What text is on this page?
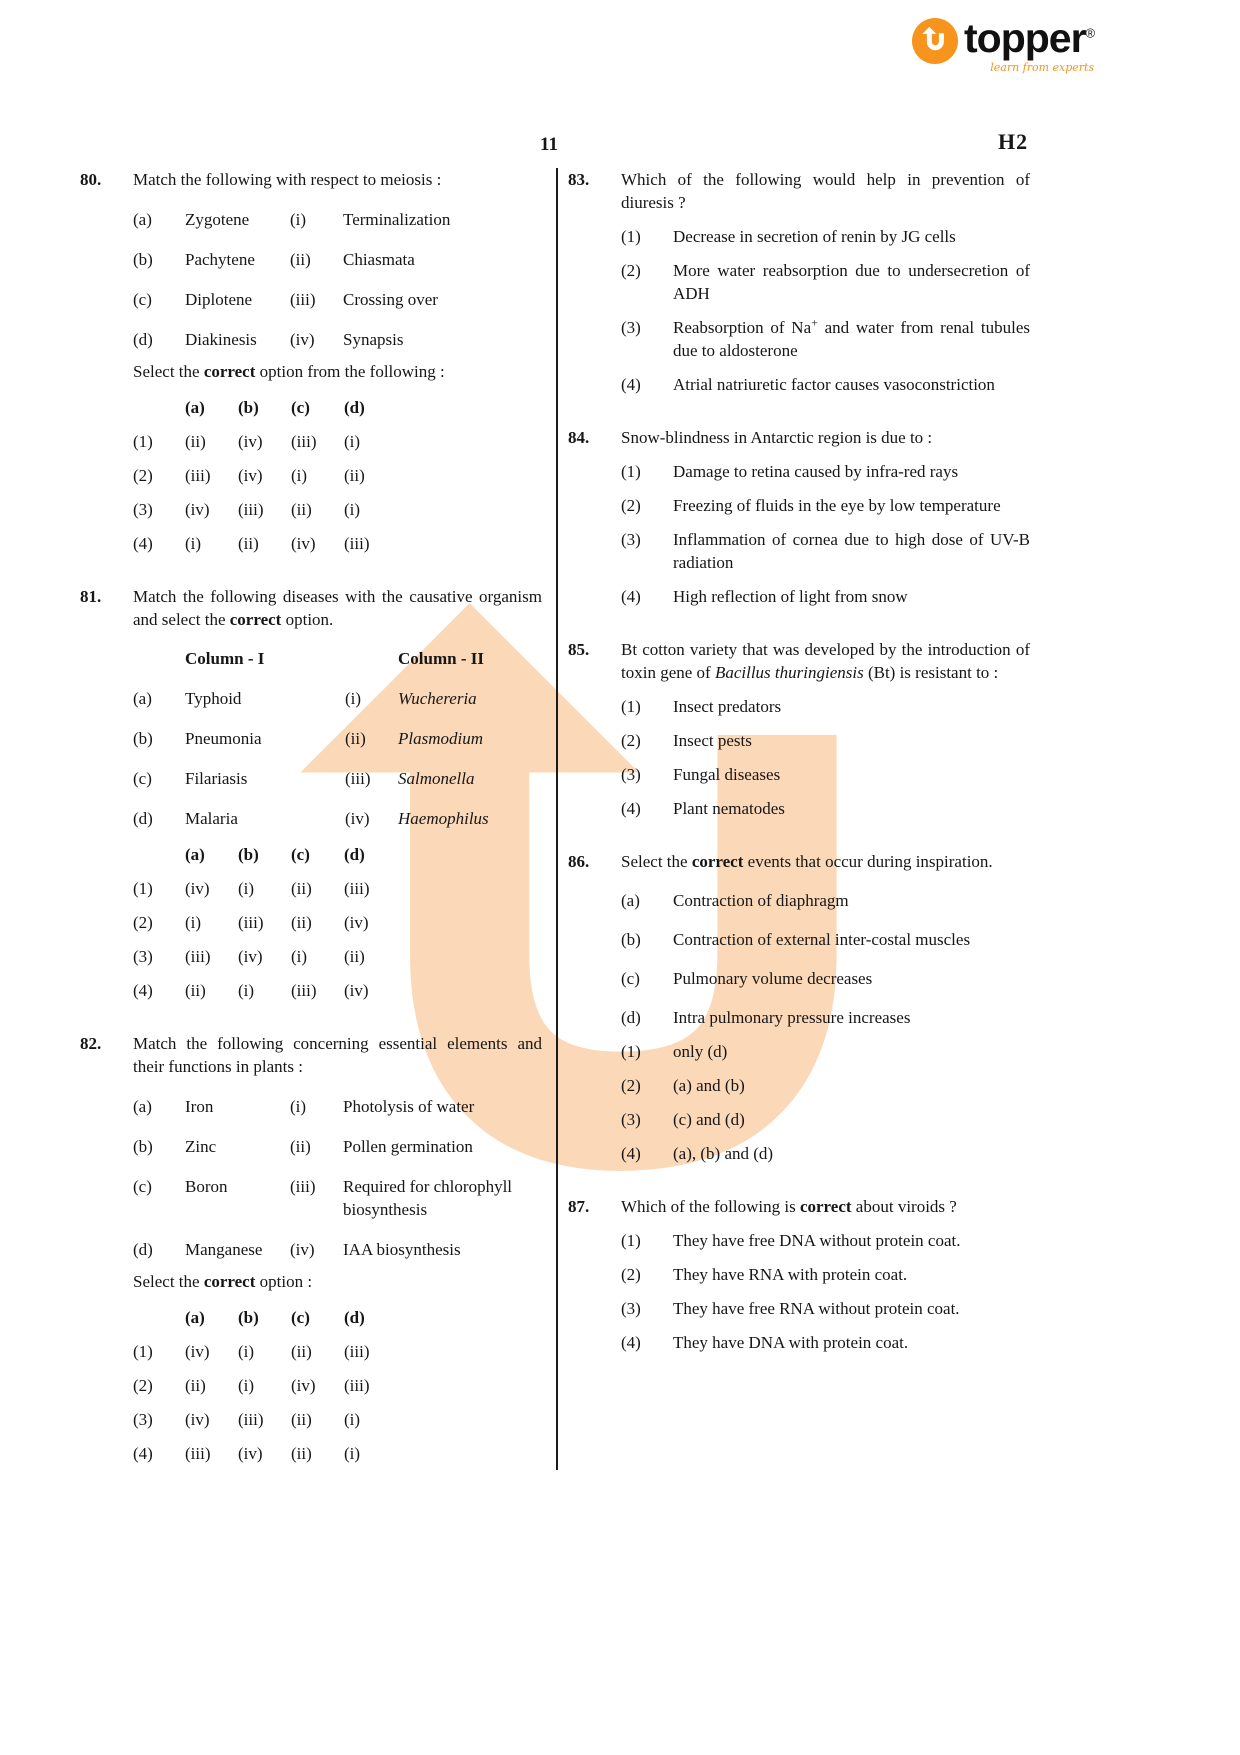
topper®
learn from experts
11	H2
80.	Match the following with respect to meiosis :
(a)	Zygotene	(i)	Terminalization
(b)	Pachytene	(ii)	Chiasmata
(c)	Diplotene	(iii)	Crossing over
(d)	Diakinesis	(iv)	Synapsis
Select the correct option from the following :
(a)	(b)	(c)	(d)
(1)	(ii)	(iv)	(iii)	(i)
(2)	(iii)	(iv)	(i)	(ii)
(3)	(iv)	(iii)	(ii)	(i)
(4)	(i)	(ii)	(iv)	(iii)
81.	Match the following diseases with the causative organism and select the correct option.
Column - I	Column - II
(a)	Typhoid	(i)	Wuchereria
(b)	Pneumonia	(ii)	Plasmodium
(c)	Filariasis	(iii)	Salmonella
(d)	Malaria	(iv)	Haemophilus
(a)	(b)	(c)	(d)
(1)	(iv)	(i)	(ii)	(iii)
(2)	(i)	(iii)	(ii)	(iv)
(3)	(iii)	(iv)	(i)	(ii)
(4)	(ii)	(i)	(iii)	(iv)
82.	Match the following concerning essential elements and their functions in plants :
(a)	Iron	(i)	Photolysis of water
(b)	Zinc	(ii)	Pollen germination
(c)	Boron	(iii)	Required for chlorophyll biosynthesis
(d)	Manganese	(iv)	IAA biosynthesis
Select the correct option :
(a)	(b)	(c)	(d)
(1)	(iv)	(i)	(ii)	(iii)
(2)	(ii)	(i)	(iv)	(iii)
(3)	(iv)	(iii)	(ii)	(i)
(4)	(iii)	(iv)	(ii)	(i)
83.	Which of the following would help in prevention of diuresis ?
(1)	Decrease in secretion of renin by JG cells
(2)	More water reabsorption due to undersecretion of ADH
(3)	Reabsorption of Na+ and water from renal tubules due to aldosterone
(4)	Atrial natriuretic factor causes vasoconstriction
84.	Snow-blindness in Antarctic region is due to :
(1)	Damage to retina caused by infra-red rays
(2)	Freezing of fluids in the eye by low temperature
(3)	Inflammation of cornea due to high dose of UV-B radiation
(4)	High reflection of light from snow
85.	Bt cotton variety that was developed by the introduction of toxin gene of Bacillus thuringiensis (Bt) is resistant to :
(1)	Insect predators
(2)	Insect pests
(3)	Fungal diseases
(4)	Plant nematodes
86.	Select the correct events that occur during inspiration.
(a)	Contraction of diaphragm
(b)	Contraction of external inter-costal muscles
(c)	Pulmonary volume decreases
(d)	Intra pulmonary pressure increases
(1)	only (d)
(2)	(a) and (b)
(3)	(c) and (d)
(4)	(a), (b) and (d)
87.	Which of the following is correct about viroids ?
(1)	They have free DNA without protein coat.
(2)	They have RNA with protein coat.
(3)	They have free RNA without protein coat.
(4)	They have DNA with protein coat.
